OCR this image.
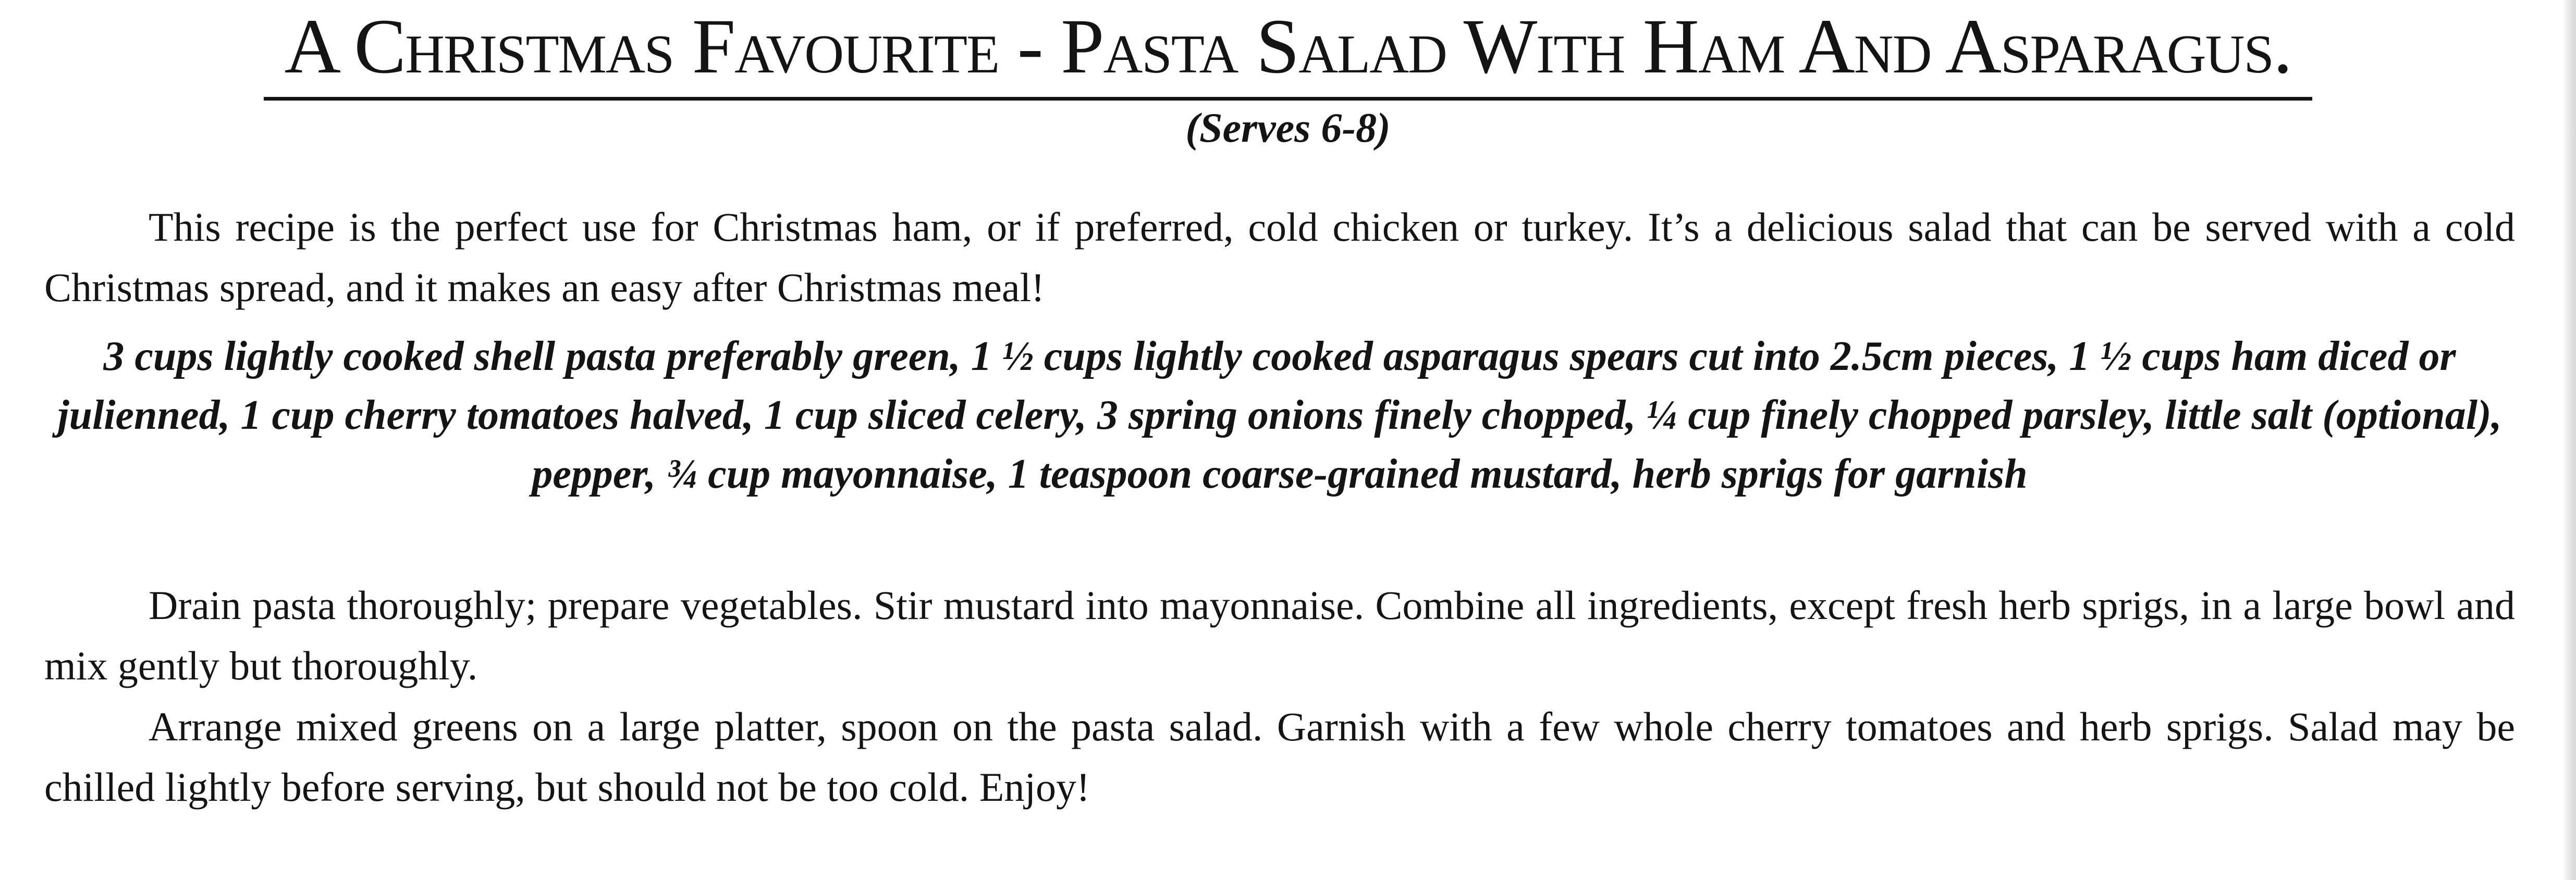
A Christmas Favourite - Pasta Salad With Ham And Asparagus.
(Serves 6-8)
This recipe is the perfect use for Christmas ham, or if preferred, cold chicken or turkey. It’s a delicious salad that can be served with a cold Christmas spread, and it makes an easy after Christmas meal!
3 cups lightly cooked shell pasta preferably green, 1 ½ cups lightly cooked asparagus spears cut into 2.5cm pieces, 1 ½ cups ham diced or julienned, 1 cup cherry tomatoes halved, 1 cup sliced celery, 3 spring onions finely chopped, ¼ cup finely chopped parsley, little salt (optional), pepper, ¾ cup mayonnaise, 1 teaspoon coarse-grained mustard, herb sprigs for garnish
Drain pasta thoroughly; prepare vegetables. Stir mustard into mayonnaise. Combine all ingredients, except fresh herb sprigs, in a large bowl and mix gently but thoroughly.
Arrange mixed greens on a large platter, spoon on the pasta salad. Garnish with a few whole cherry tomatoes and herb sprigs. Salad may be chilled lightly before serving, but should not be too cold. Enjoy!
